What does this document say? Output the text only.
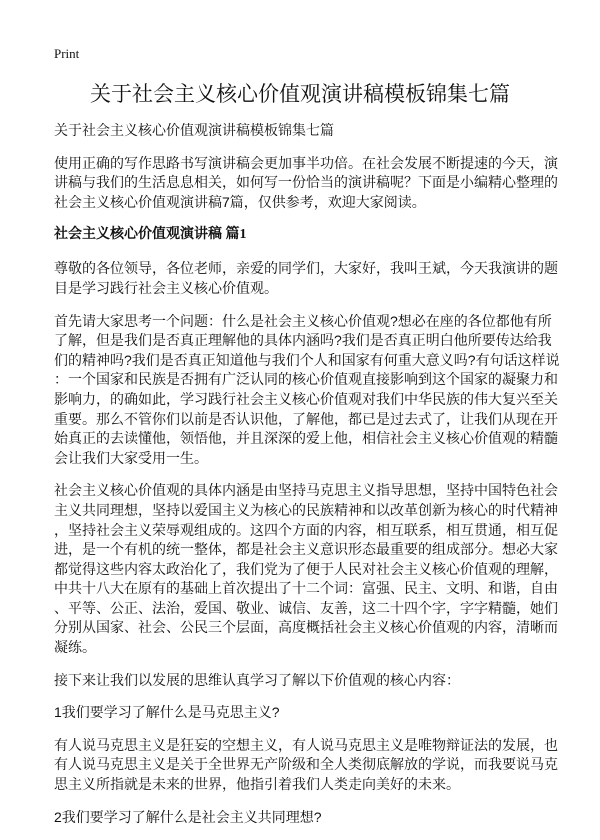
Print
关于社会主义核心价值观演讲稿模板锦集七篇
关于社会主义核心价值观演讲稿模板锦集七篇
使用正确的写作思路书写演讲稿会更加事半功倍。在社会发展不断提速的今天，演
讲稿与我们的生活息息相关，如何写一份恰当的演讲稿呢？下面是小编精心整理的
社会主义核心价值观演讲稿7篇，仅供参考，欢迎大家阅读。
社会主义核心价值观演讲稿 篇1
尊敬的各位领导，各位老师，亲爱的同学们，大家好，我叫王斌，今天我演讲的题
目是学习践行社会主义核心价值观。
首先请大家思考一个问题：什么是社会主义核心价值观?想必在座的各位都他有所
了解，但是我们是否真正理解他的具体内涵吗?我们是否真正明白他所要传达给我
们的精神吗?我们是否真正知道他与我们个人和国家有何重大意义吗?有句话这样说
：一个国家和民族是否拥有广泛认同的核心价值观直接影响到这个国家的凝聚力和
影响力，的确如此，学习践行社会主义核心价值观对我们中华民族的伟大复兴至关
重要。那么不管你们以前是否认识他，了解他，都已是过去式了，让我们从现在开
始真正的去读懂他，领悟他，并且深深的爱上他，相信社会主义核心价值观的精髓
会让我们大家受用一生。
社会主义核心价值观的具体内涵是由坚持马克思主义指导思想，坚持中国特色社会
主义共同理想，坚持以爱国主义为核心的民族精神和以改革创新为核心的时代精神
，坚持社会主义荣辱观组成的。这四个方面的内容，相互联系，相互贯通，相互促
进，是一个有机的统一整体，都是社会主义意识形态最重要的组成部分。想必大家
都觉得这些内容太政治化了，我们党为了便于人民对社会主义核心价值观的理解，
中共十八大在原有的基础上首次提出了十二个词：富强、民主、文明、和谐，自由
、平等、公正、法治，爱国、敬业、诚信、友善，这二十四个字，字字精髓，她们
分别从国家、社会、公民三个层面，高度概括社会主义核心价值观的内容，清晰而
凝练。
接下来让我们以发展的思维认真学习了解以下价值观的核心内容：
1我们要学习了解什么是马克思主义?
有人说马克思主义是狂妄的空想主义，有人说马克思主义是唯物辩证法的发展，也
有人说马克思主义是关于全世界无产阶级和全人类彻底解放的学说，而我要说马克
思主义所指就是未来的世界，他指引着我们人类走向美好的未来。
2我们要学习了解什么是社会主义共同理想?
